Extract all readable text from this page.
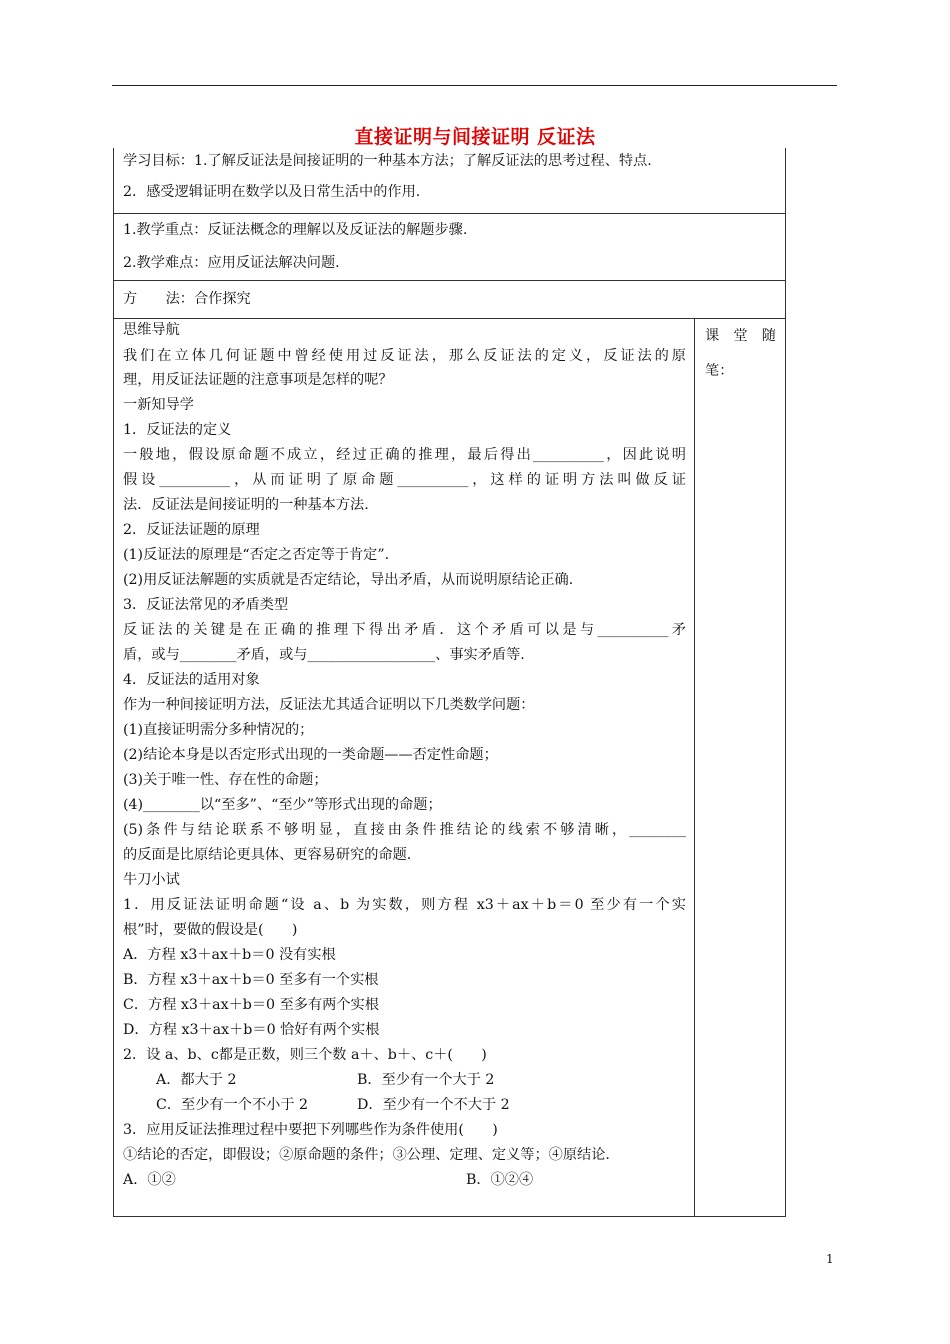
直接证明与间接证明 反证法
学习目标：1.了解反证法是间接证明的一种基本方法；了解反证法的思考过程、特点.
2．感受逻辑证明在数学以及日常生活中的作用.
1.教学重点：反证法概念的理解以及反证法的解题步骤.
2.教学难点：应用反证法解决问题.
方　　法：合作探究
课　堂　随
笔：
思维导航
我们在立体几何证题中曾经使用过反证法，那么反证法的定义，反证法的原
理，用反证法证题的注意事项是怎样的呢？
一新知导学
1．反证法的定义
一般地，假设原命题不成立，经过正确的推理，最后得出__________，因此说明
假设__________，从而证明了原命题__________，这样的证明方法叫做反证
法．反证法是间接证明的一种基本方法.
2．反证法证题的原理
(1)反证法的原理是“否定之否定等于肯定”.
(2)用反证法解题的实质就是否定结论，导出矛盾，从而说明原结论正确.
3．反证法常见的矛盾类型
反证法的关键是在正确的推理下得出矛盾．这个矛盾可以是与__________矛
盾，或与________矛盾，或与__________________、事实矛盾等.
4．反证法的适用对象
作为一种间接证明方法，反证法尤其适合证明以下几类数学问题：
(1)直接证明需分多种情况的；
(2)结论本身是以否定形式出现的一类命题——否定性命题；
(3)关于唯一性、存在性的命题；
(4)________以“至多”、“至少”等形式出现的命题；
(5)条件与结论联系不够明显，直接由条件推结论的线索不够清晰，________
的反面是比原结论更具体、更容易研究的命题.
牛刀小试
1．用反证法证明命题“设 a、b 为实数，则方程 x3＋ax＋b＝0 至少有一个实
根”时，要做的假设是(　　)
A．方程 x3＋ax＋b＝0 没有实根
B．方程 x3＋ax＋b＝0 至多有一个实根
C．方程 x3＋ax＋b＝0 至多有两个实根
D．方程 x3＋ax＋b＝0 恰好有两个实根
2．设 a、b、c都是正数，则三个数 a＋、b＋、c＋(　　)
A．都大于 2	B．至少有一个大于 2
C．至少有一个不小于 2	D．至少有一个不大于 2
3．应用反证法推理过程中要把下列哪些作为条件使用(　　)
①结论的否定，即假设；②原命题的条件；③公理、定理、定义等；④原结论.
A．①②	B．①②④
1
